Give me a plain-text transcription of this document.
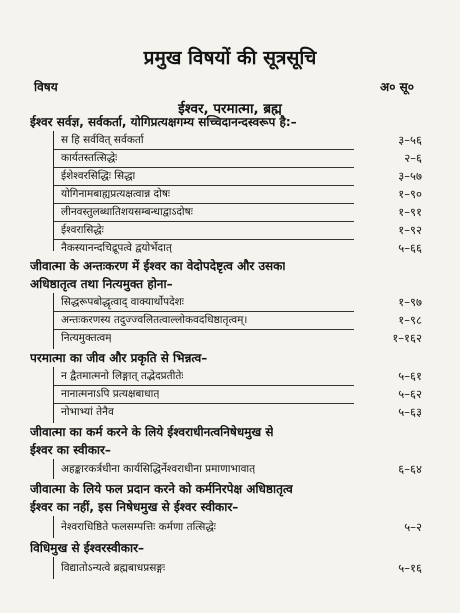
प्रमुख विषयों की सूत्रसूचि
विषय	अ० सू०
ईश्वर, परमात्मा, ब्रह्म
ईश्वर सर्वज्ञ, सर्वकर्ता, योगिप्रत्यक्षगम्य सच्चिदानन्दस्वरूप है:–
स हि सर्ववित् सर्वकर्ता	३–५६
कार्यतस्तत्सिद्धेः	२–६
ईशेश्वरसिद्धिः सिद्धा	३–५७
योगिनामबाह्यप्रत्यक्षत्वान्न दोषः	१–९०
लीनवस्तुलब्धातिशयसम्बन्धाद्वाऽदोषः	१–९१
ईश्वरासिद्धेः	१–९२
नैकस्यानन्दचिद्रूपत्वे द्वयोर्भेदात्	५–६६
जीवात्मा के अन्तःकरण में ईश्वर का वेदोपदेष्टृत्व और उसका
अधिष्ठातृत्व तथा नित्यमुक्त होना–
सिद्धरूपबोद्धृत्वाद् वाक्यार्थोपदेशः	१–९७
अन्तःकरणस्य तदुज्ज्वलितत्वाल्लोकवदधिष्ठातृत्वम्।	१–९८
नित्यमुक्तत्वम्	१–१६२
परमात्मा का जीव और प्रकृति से भिन्नत्व–
न द्वैतमात्मनो लिङ्गात् तद्भेदप्रतीतेः	५–६१
नानात्मनाऽपि प्रत्यक्षबाधात्	५–६२
नोभाभ्यां तेनैव	५–६३
जीवात्मा का कर्म करने के लिये ईश्वराधीनत्वनिषेधमुख से
ईश्वर का स्वीकार–
अहङ्कारकर्त्रधीना कार्यसिद्धिर्नेश्वराधीना प्रमाणाभावात्	६–६४
जीवात्मा के लिये फल प्रदान करने को कर्मनिरपेक्ष अधिष्ठातृत्व
ईश्वर का नहीं, इस निषेधमुख से ईश्वर स्वीकार–
नेश्वराधिष्ठिते फलसम्पत्तिः कर्मणा तत्सिद्धेः	५–२
विधिमुख से ईश्वरस्वीकार–
विद्यातोऽन्यत्वे ब्रह्मबाधप्रसङ्गः	५–१६
